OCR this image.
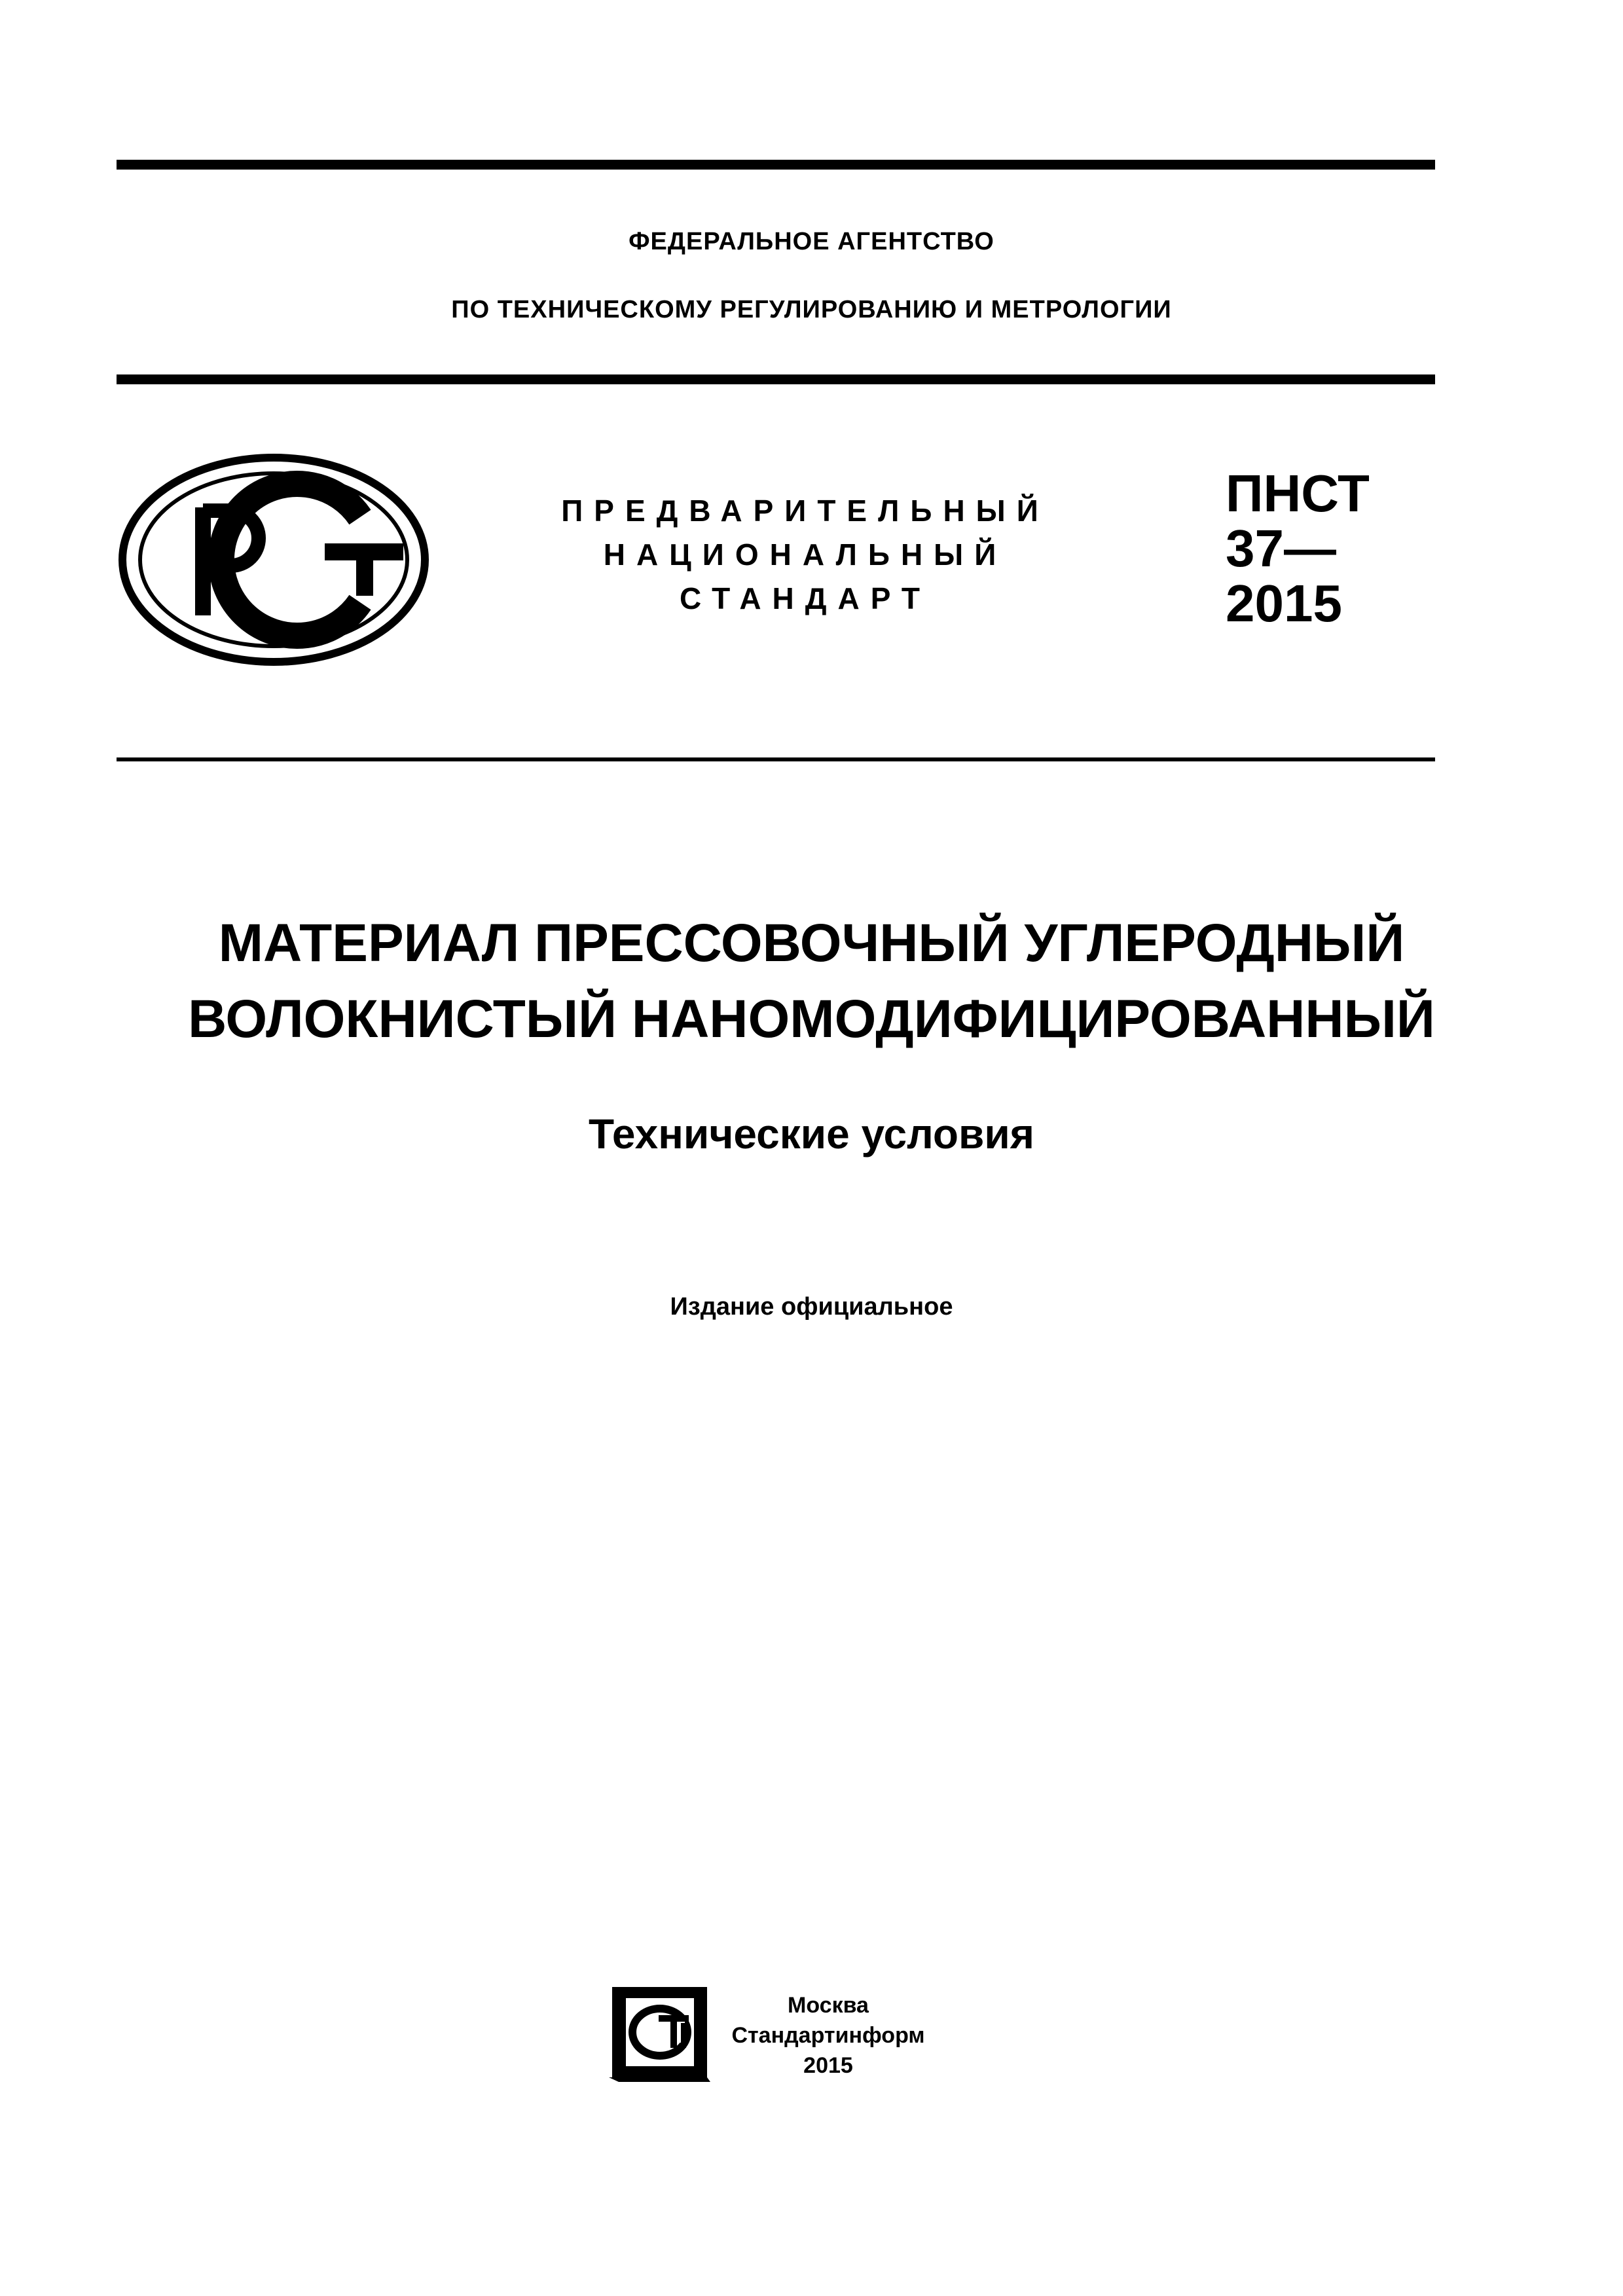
ФЕДЕРАЛЬНОЕ АГЕНТСТВО
ПО ТЕХНИЧЕСКОМУ РЕГУЛИРОВАНИЮ И МЕТРОЛОГИИ
ПРЕДВАРИТЕЛЬНЫЙ
НАЦИОНАЛЬНЫЙ
СТАНДАРТ
ПНСТ
37—
2015
МАТЕРИАЛ ПРЕССОВОЧНЫЙ УГЛЕРОДНЫЙ
ВОЛОКНИСТЫЙ НАНОМОДИФИЦИРОВАННЫЙ
Технические условия
Издание официальное
Москва
Стандартинформ
2015
